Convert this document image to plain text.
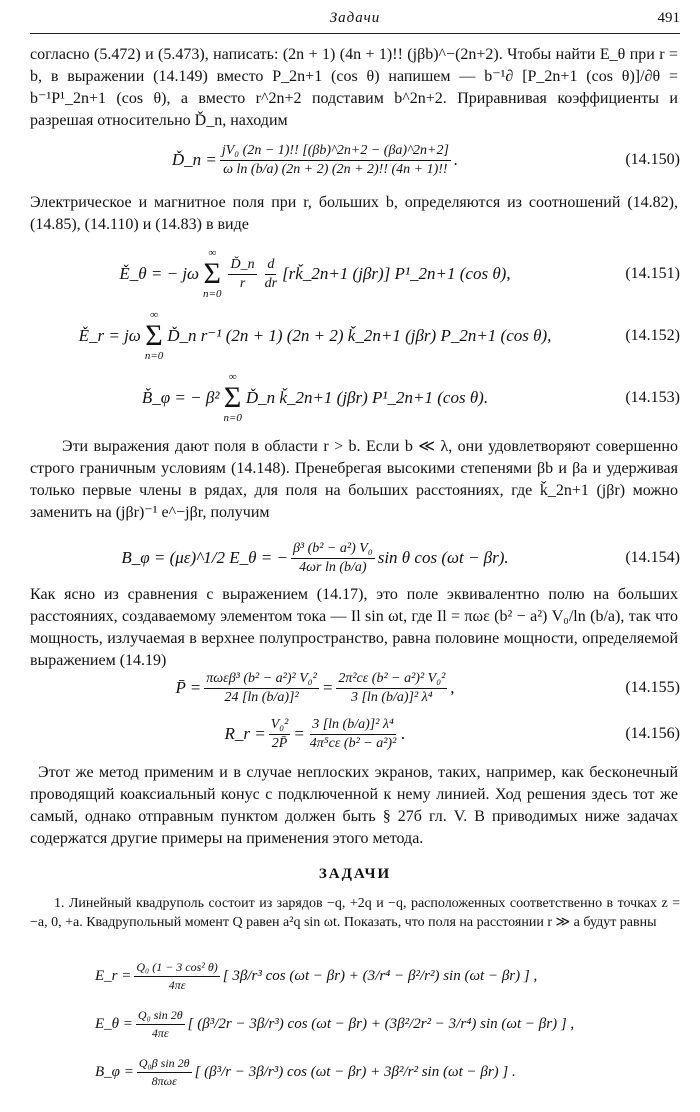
Задачи	491
согласно (5.472) и (5.473), написать: (2n + 1) (4n + 1)!! (jβb)^−(2n+2). Чтобы найти E_θ при r = b, в выражении (14.149) вместо P_2n+1 (cos θ) напишем — b⁻¹∂ [P_2n+1 (cos θ)]/∂θ = b⁻¹P¹_2n+1 (cos θ), а вместо r^2n+2 подставим b^2n+2. Приравнивая коэффициенты и разрешая относительно Ď_n, находим
Ď_n = $\frac{\text{jV₀ (2n − 1)!! [(βb)\textasciicircum{}2n+2 − (βa)\textasciicircum{}2n+2]}}{\text{ω ln (b/a) (2n + 2) (2n + 2)!! (4n + 1)!!}}$ .	(14.150)
Электрическое и магнитное поля при r, больших b, определяются из соотношений (14.82), (14.85), (14.110) и (14.83) в виде
Ě_θ = − jω
∞
Σ
n=0
$\frac{Ď\_n}{r} \frac{d}{dr}$ [rǩ_2n+1 (jβr)] P¹_2n+1 (cos θ),	(14.151)
Ě_r = jω
∞
Σ
n=0
Ď_n r⁻¹ (2n + 1) (2n + 2) ǩ_2n+1 (jβr) P_2n+1 (cos θ),	(14.152)
B̌_φ = − β²
∞
Σ
n=0
Ď_n ǩ_2n+1 (jβr) P¹_2n+1 (cos θ).	(14.153)
Эти выражения дают поля в области r > b. Если b ≪ λ, они удовлетворяют совершенно строго граничным условиям (14.148). Пренебрегая высокими степенями βb и βa и удерживая только первые члены в рядах, для поля на больших расстояниях, где ǩ_2n+1 (jβr) можно заменить на (jβr)⁻¹ e^−jβr, получим
B_φ = (με)^1/2 E_θ = − $\frac{\text{β³ (b² − a²) V₀}}{\text{4ωr ln (b/a)}}$ sin θ cos (ωt − βr).	(14.154)
Как ясно из сравнения с выражением (14.17), это поле эквивалентно полю на больших расстояниях, создаваемому элементом тока — Il sin ωt, где Il = πωε (b² − a²) V₀/ln (b/a), так что мощность, излучаемая в верхнее полупространство, равна половине мощности, определяемой выражением (14.19)
P̄ = $\frac{\text{πωεβ³ (b² − a²)² V₀²}}{\text{24 [ln (b/a)]²}} = \frac{\text{2π²cε (b² − a²)² V₀²}}{\text{3 [ln (b/a)]² λ⁴}}$ ,	(14.155)
R_r = $\frac{\text{V₀²}}{2P̄} = \frac{\text{3 [ln (b/a)]² λ⁴}}{\text{4π⁵cε (b² − a²)²}}$ .	(14.156)
Этот же метод применим и в случае неплоских экранов, таких, например, как бесконечный проводящий коаксиальный конус с подключенной к нему линией. Ход решения здесь тот же самый, однако отправным пунктом должен быть § 27б гл. V. В приводимых ниже задачах содержатся другие примеры на применения этого метода.
ЗАДАЧИ
1. Линейный квадруполь состоит из зарядов −q, +2q и −q, расположенных соответственно в точках z = −a, 0, +a. Квадрупольный момент Q равен a²q sin ωt. Показать, что поля на расстоянии r ≫ a будут равны
E_r = $\frac{\text{Q₀ (1 − 3 cos² θ)}}{4\pi\varepsilon}$ [ 3β/r³ cos (ωt − βr) + (3/r⁴ − β²/r²) sin (ωt − βr) ] ,
E_θ = $\frac{\text{Q₀ sin 2θ}}{4\pi\varepsilon}$ [ (β³/2r − 3β/r³) cos (ωt − βr) + (3β²/2r² − 3/r⁴) sin (ωt − βr) ] ,
B_φ = $\frac{\text{Q₀β sin 2θ}}{\text{8πωε}}$ [ (β³/r − 3β/r³) cos (ωt − βr) + 3β²/r² sin (ωt − βr) ] .
